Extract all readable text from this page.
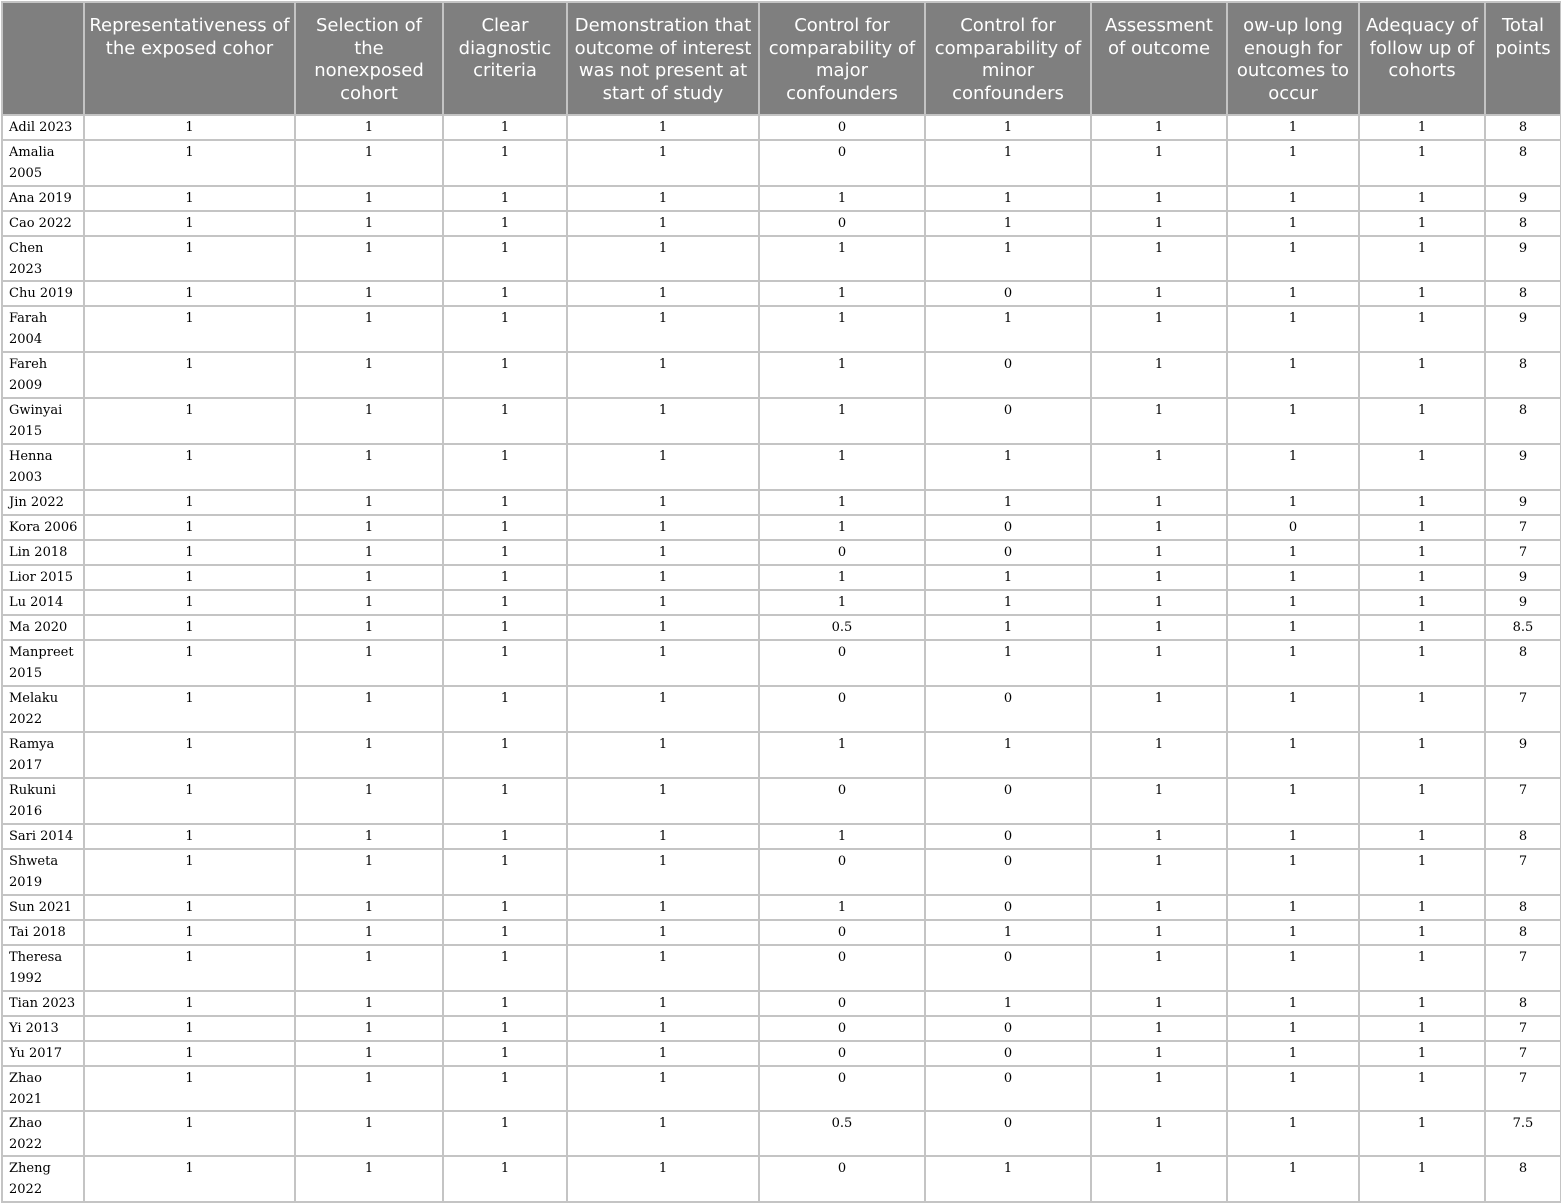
	Representativeness of the exposed cohor	Selection of the nonexposed cohort	Clear diagnostic criteria	Demonstration that outcome of interest was not present at start of study	Control for comparability of major confounders	Control for comparability of minor confounders	Assessment of outcome	ow-up long enough for outcomes to occur	Adequacy of follow up of cohorts	Total points
Adil 2023	1	1	1	1	0	1	1	1	1	8
Amalia 2005	1	1	1	1	0	1	1	1	1	8
Ana 2019	1	1	1	1	1	1	1	1	1	9
Cao 2022	1	1	1	1	0	1	1	1	1	8
Chen 2023	1	1	1	1	1	1	1	1	1	9
Chu 2019	1	1	1	1	1	0	1	1	1	8
Farah 2004	1	1	1	1	1	1	1	1	1	9
Fareh 2009	1	1	1	1	1	0	1	1	1	8
Gwinyai 2015	1	1	1	1	1	0	1	1	1	8
Henna 2003	1	1	1	1	1	1	1	1	1	9
Jin 2022	1	1	1	1	1	1	1	1	1	9
Kora 2006	1	1	1	1	1	0	1	0	1	7
Lin 2018	1	1	1	1	0	0	1	1	1	7
Lior 2015	1	1	1	1	1	1	1	1	1	9
Lu 2014	1	1	1	1	1	1	1	1	1	9
Ma 2020	1	1	1	1	0.5	1	1	1	1	8.5
Manpreet 2015	1	1	1	1	0	1	1	1	1	8
Melaku 2022	1	1	1	1	0	0	1	1	1	7
Ramya 2017	1	1	1	1	1	1	1	1	1	9
Rukuni 2016	1	1	1	1	0	0	1	1	1	7
Sari 2014	1	1	1	1	1	0	1	1	1	8
Shweta 2019	1	1	1	1	0	0	1	1	1	7
Sun 2021	1	1	1	1	1	0	1	1	1	8
Tai 2018	1	1	1	1	0	1	1	1	1	8
Theresa 1992	1	1	1	1	0	0	1	1	1	7
Tian 2023	1	1	1	1	0	1	1	1	1	8
Yi 2013	1	1	1	1	0	0	1	1	1	7
Yu 2017	1	1	1	1	0	0	1	1	1	7
Zhao 2021	1	1	1	1	0	0	1	1	1	7
Zhao 2022	1	1	1	1	0.5	0	1	1	1	7.5
Zheng 2022	1	1	1	1	0	1	1	1	1	8
